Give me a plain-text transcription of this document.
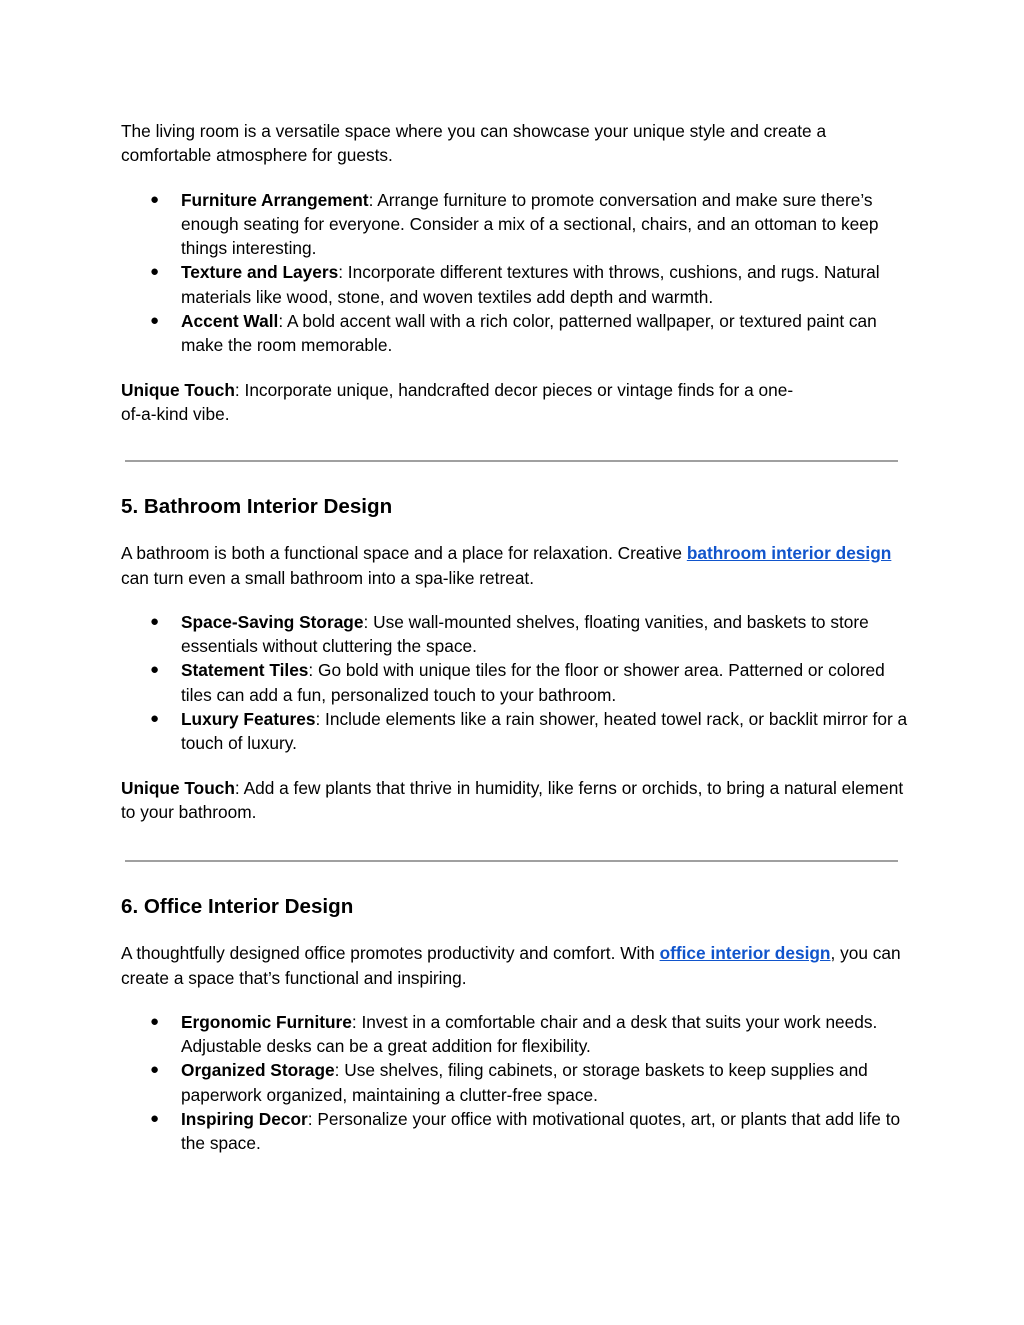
The living room is a versatile space where you can showcase your unique style and create a comfortable atmosphere for guests.

● Furniture Arrangement: Arrange furniture to promote conversation and make sure there’s enough seating for everyone. Consider a mix of a sectional, chairs, and an ottoman to keep things interesting.
● Texture and Layers: Incorporate different textures with throws, cushions, and rugs. Natural materials like wood, stone, and woven textiles add depth and warmth.
● Accent Wall: A bold accent wall with a rich color, patterned wallpaper, or textured paint can make the room memorable.

Unique Touch: Incorporate unique, handcrafted decor pieces or vintage finds for a one-of-a-kind vibe.

5. Bathroom Interior Design

A bathroom is both a functional space and a place for relaxation. Creative bathroom interior design can turn even a small bathroom into a spa-like retreat.

● Space-Saving Storage: Use wall-mounted shelves, floating vanities, and baskets to store essentials without cluttering the space.
● Statement Tiles: Go bold with unique tiles for the floor or shower area. Patterned or colored tiles can add a fun, personalized touch to your bathroom.
● Luxury Features: Include elements like a rain shower, heated towel rack, or backlit mirror for a touch of luxury.

Unique Touch: Add a few plants that thrive in humidity, like ferns or orchids, to bring a natural element to your bathroom.

6. Office Interior Design

A thoughtfully designed office promotes productivity and comfort. With office interior design, you can create a space that’s functional and inspiring.

● Ergonomic Furniture: Invest in a comfortable chair and a desk that suits your work needs. Adjustable desks can be a great addition for flexibility.
● Organized Storage: Use shelves, filing cabinets, or storage baskets to keep supplies and paperwork organized, maintaining a clutter-free space.
● Inspiring Decor: Personalize your office with motivational quotes, art, or plants that add life to the space.
